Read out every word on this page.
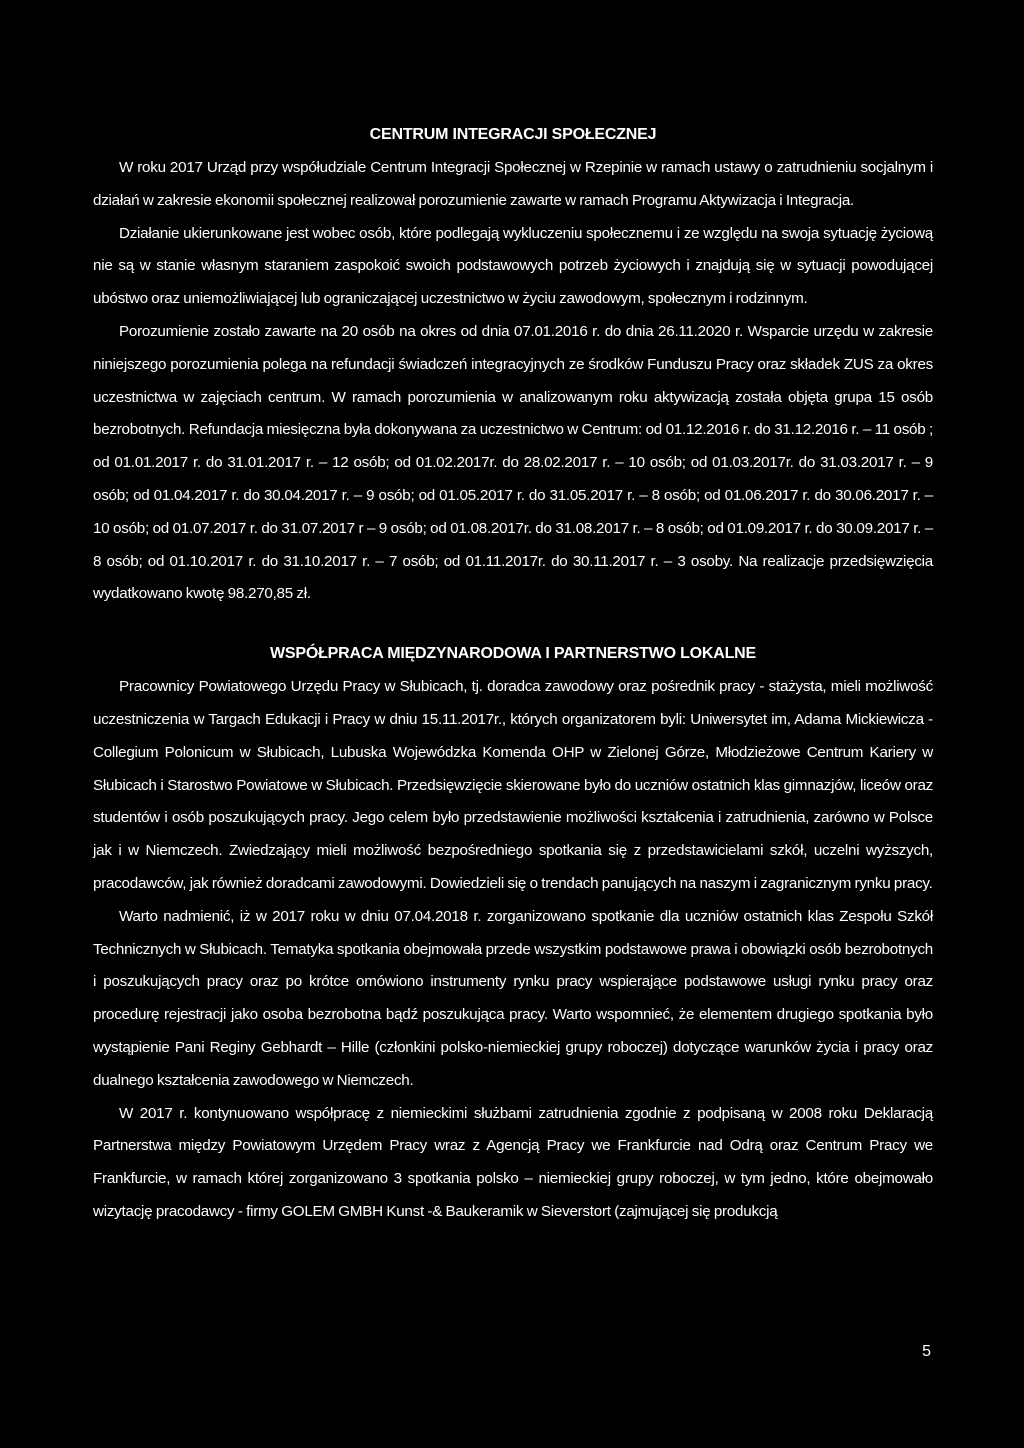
CENTRUM INTEGRACJI SPOŁECZNEJ

W roku 2017 Urząd przy współudziale Centrum Integracji Społecznej w Rzepinie w ramach ustawy o zatrudnieniu socjalnym i działań w zakresie ekonomii społecznej realizował porozumienie zawarte w ramach Programu Aktywizacja i Integracja.

Działanie ukierunkowane jest wobec osób, które podlegają wykluczeniu społecznemu i ze względu na swoja sytuację życiową nie są w stanie własnym staraniem zaspokoić swoich podstawowych potrzeb życiowych i znajdują się w sytuacji powodującej ubóstwo oraz uniemożliwiającej lub ograniczającej uczestnictwo w życiu zawodowym, społecznym i rodzinnym.

Porozumienie zostało zawarte na 20 osób na okres od dnia 07.01.2016 r. do dnia 26.11.2020 r. Wsparcie urzędu w zakresie niniejszego porozumienia polega na refundacji świadczeń integracyjnych ze środków Funduszu Pracy oraz składek ZUS za okres uczestnictwa w zajęciach centrum. W ramach porozumienia w analizowanym roku aktywizacją została objęta grupa 15 osób bezrobotnych. Refundacja miesięczna była dokonywana za uczestnictwo w Centrum: od 01.12.2016 r. do 31.12.2016 r. – 11 osób ; od 01.01.2017 r. do 31.01.2017 r. – 12 osób; od 01.02.2017r. do 28.02.2017 r. – 10 osób; od 01.03.2017r. do 31.03.2017 r. – 9 osób; od 01.04.2017 r. do 30.04.2017 r. – 9 osób; od 01.05.2017 r. do 31.05.2017 r. – 8 osób; od 01.06.2017 r. do 30.06.2017 r. – 10 osób; od 01.07.2017 r. do 31.07.2017 r – 9 osób; od 01.08.2017r. do 31.08.2017 r. – 8 osób; od 01.09.2017 r. do 30.09.2017 r. – 8 osób; od 01.10.2017 r. do 31.10.2017 r. – 7 osób; od 01.11.2017r. do 30.11.2017 r. – 3 osoby. Na realizacje przedsięwzięcia wydatkowano kwotę 98.270,85 zł.

WSPÓŁPRACA MIĘDZYNARODOWA I PARTNERSTWO LOKALNE

Pracownicy Powiatowego Urzędu Pracy w Słubicach, tj. doradca zawodowy oraz pośrednik pracy - stażysta, mieli możliwość uczestniczenia w Targach Edukacji i Pracy w dniu 15.11.2017r., których organizatorem byli: Uniwersytet im, Adama Mickiewicza - Collegium Polonicum w Słubicach, Lubuska Wojewódzka Komenda OHP w Zielonej Górze, Młodzieżowe Centrum Kariery w Słubicach i Starostwo Powiatowe w Słubicach. Przedsięwzięcie skierowane było do uczniów ostatnich klas gimnazjów, liceów oraz studentów i osób poszukujących pracy. Jego celem było przedstawienie możliwości kształcenia i zatrudnienia, zarówno w Polsce jak i w Niemczech. Zwiedzający mieli możliwość bezpośredniego spotkania się z przedstawicielami szkół, uczelni wyższych, pracodawców, jak również doradcami zawodowymi. Dowiedzieli się o trendach panujących na naszym i zagranicznym rynku pracy.

Warto nadmienić, iż w 2017 roku w dniu 07.04.2018 r. zorganizowano spotkanie dla uczniów ostatnich klas Zespołu Szkół Technicznych w Słubicach. Tematyka spotkania obejmowała przede wszystkim podstawowe prawa i obowiązki osób bezrobotnych i poszukujących pracy oraz po krótce omówiono instrumenty rynku pracy wspierające podstawowe usługi rynku pracy oraz procedurę rejestracji jako osoba bezrobotna bądź poszukująca pracy. Warto wspomnieć, że elementem drugiego spotkania było wystąpienie Pani Reginy Gebhardt – Hille (członkini polsko-niemieckiej grupy roboczej) dotyczące warunków życia i pracy oraz dualnego kształcenia zawodowego w Niemczech.

W 2017 r. kontynuowano współpracę z niemieckimi służbami zatrudnienia zgodnie z podpisaną w 2008 roku Deklaracją Partnerstwa między Powiatowym Urzędem Pracy wraz z Agencją Pracy we Frankfurcie nad Odrą oraz Centrum Pracy we Frankfurcie, w ramach której zorganizowano 3 spotkania polsko – niemieckiej grupy roboczej, w tym jedno, które obejmowało wizytację pracodawcy - firmy GOLEM GMBH Kunst -& Baukeramik w Sieverstort (zajmującej się produkcją

5
